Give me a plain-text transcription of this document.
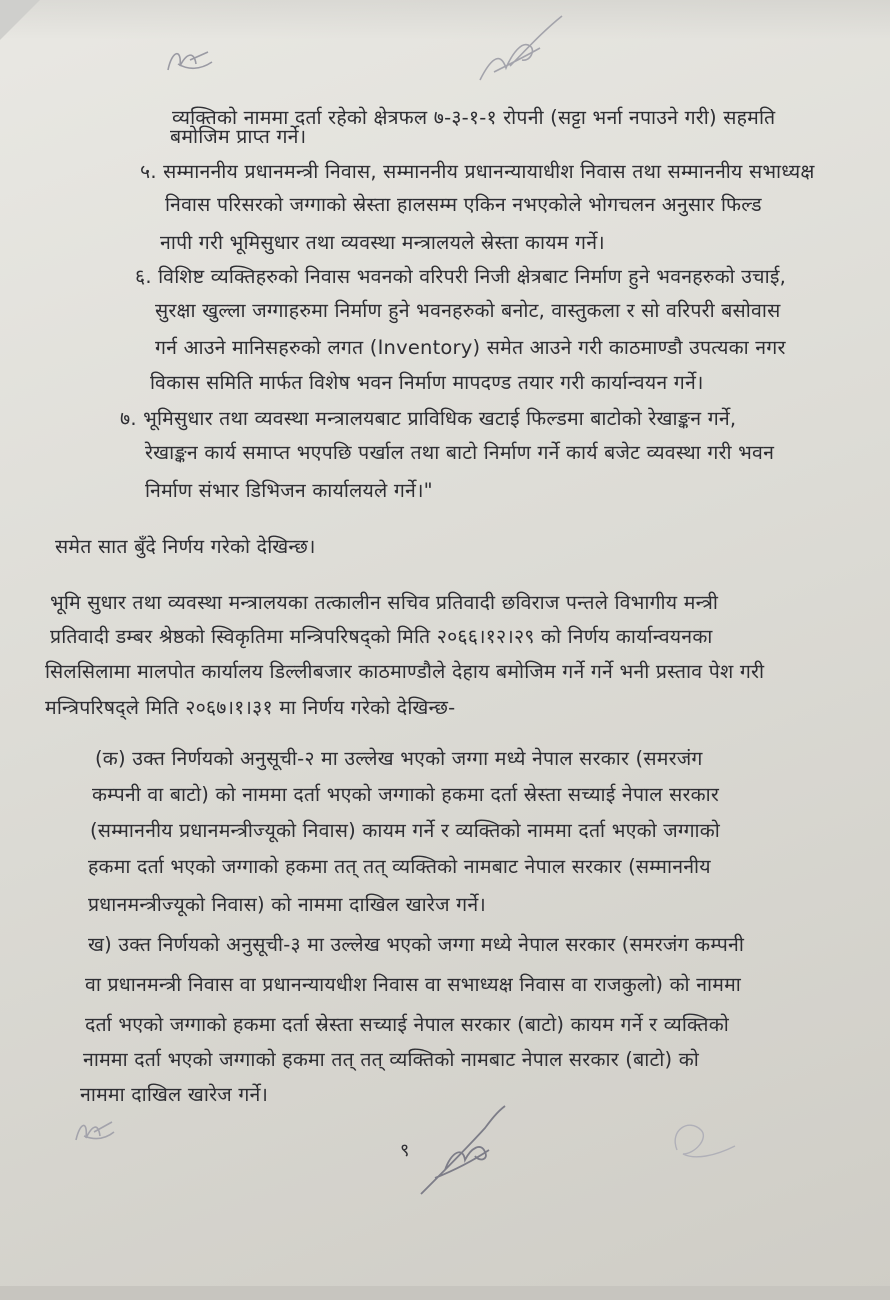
व्यक्तिको नाममा दर्ता रहेको क्षेत्रफल ७-३-१-१ रोपनी (सट्टा भर्ना नपाउने गरी) सहमति
बमोजिम प्राप्त गर्ने।
५. सम्माननीय प्रधानमन्त्री निवास, सम्माननीय प्रधानन्यायाधीश निवास तथा सम्माननीय सभाध्यक्ष
निवास परिसरको जग्गाको स्रेस्ता हालसम्म एकिन नभएकोले भोगचलन अनुसार फिल्ड
नापी गरी भूमिसुधार तथा व्यवस्था मन्त्रालयले स्रेस्ता कायम गर्ने।
६. विशिष्ट व्यक्तिहरुको निवास भवनको वरिपरी निजी क्षेत्रबाट निर्माण हुने भवनहरुको उचाई,
सुरक्षा खुल्ला जग्गाहरुमा निर्माण हुने भवनहरुको बनोट, वास्तुकला र सो वरिपरी बसोवास
गर्न आउने मानिसहरुको लगत (Inventory) समेत आउने गरी काठमाण्डौ उपत्यका नगर
विकास समिति मार्फत विशेष भवन निर्माण मापदण्ड तयार गरी कार्यान्वयन गर्ने।
७. भूमिसुधार तथा व्यवस्था मन्त्रालयबाट प्राविधिक खटाई फिल्डमा बाटोको रेखाङ्कन गर्ने,
रेखाङ्कन कार्य समाप्त भएपछि पर्खाल तथा बाटो निर्माण गर्ने कार्य बजेट व्यवस्था गरी भवन
निर्माण संभार डिभिजन कार्यालयले गर्ने।"
समेत सात बुँदे निर्णय गरेको देखिन्छ।
भूमि सुधार तथा व्यवस्था मन्त्रालयका तत्कालीन सचिव प्रतिवादी छविराज पन्तले विभागीय मन्त्री
प्रतिवादी डम्बर श्रेष्ठको स्विकृतिमा मन्त्रिपरिषद्को मिति २०६६।१२।२९ को निर्णय कार्यान्वयनका
सिलसिलामा मालपोत कार्यालय डिल्लीबजार काठमाण्डौले देहाय बमोजिम गर्ने गर्ने भनी प्रस्ताव पेश गरी
मन्त्रिपरिषद्ले मिति २०६७।१।३१ मा निर्णय गरेको देखिन्छ-
(क) उक्त निर्णयको अनुसूची-२ मा उल्लेख भएको जग्गा मध्ये नेपाल सरकार (समरजंग
कम्पनी वा बाटो) को नाममा दर्ता भएको जग्गाको हकमा दर्ता स्रेस्ता सच्याई नेपाल सरकार
(सम्माननीय प्रधानमन्त्रीज्यूको निवास) कायम गर्ने र व्यक्तिको नाममा दर्ता भएको जग्गाको
हकमा दर्ता भएको जग्गाको हकमा तत् तत् व्यक्तिको नामबाट नेपाल सरकार (सम्माननीय
प्रधानमन्त्रीज्यूको निवास) को नाममा दाखिल खारेज गर्ने।
ख) उक्त निर्णयको अनुसूची-३ मा उल्लेख भएको जग्गा मध्ये नेपाल सरकार (समरजंग कम्पनी
वा प्रधानमन्त्री निवास वा प्रधानन्यायधीश निवास वा सभाध्यक्ष निवास वा राजकुलो) को नाममा
दर्ता भएको जग्गाको हकमा दर्ता स्रेस्ता सच्याई नेपाल सरकार (बाटो) कायम गर्ने र व्यक्तिको
नाममा दर्ता भएको जग्गाको हकमा तत् तत् व्यक्तिको नामबाट नेपाल सरकार (बाटो) को
नाममा दाखिल खारेज गर्ने।
९
